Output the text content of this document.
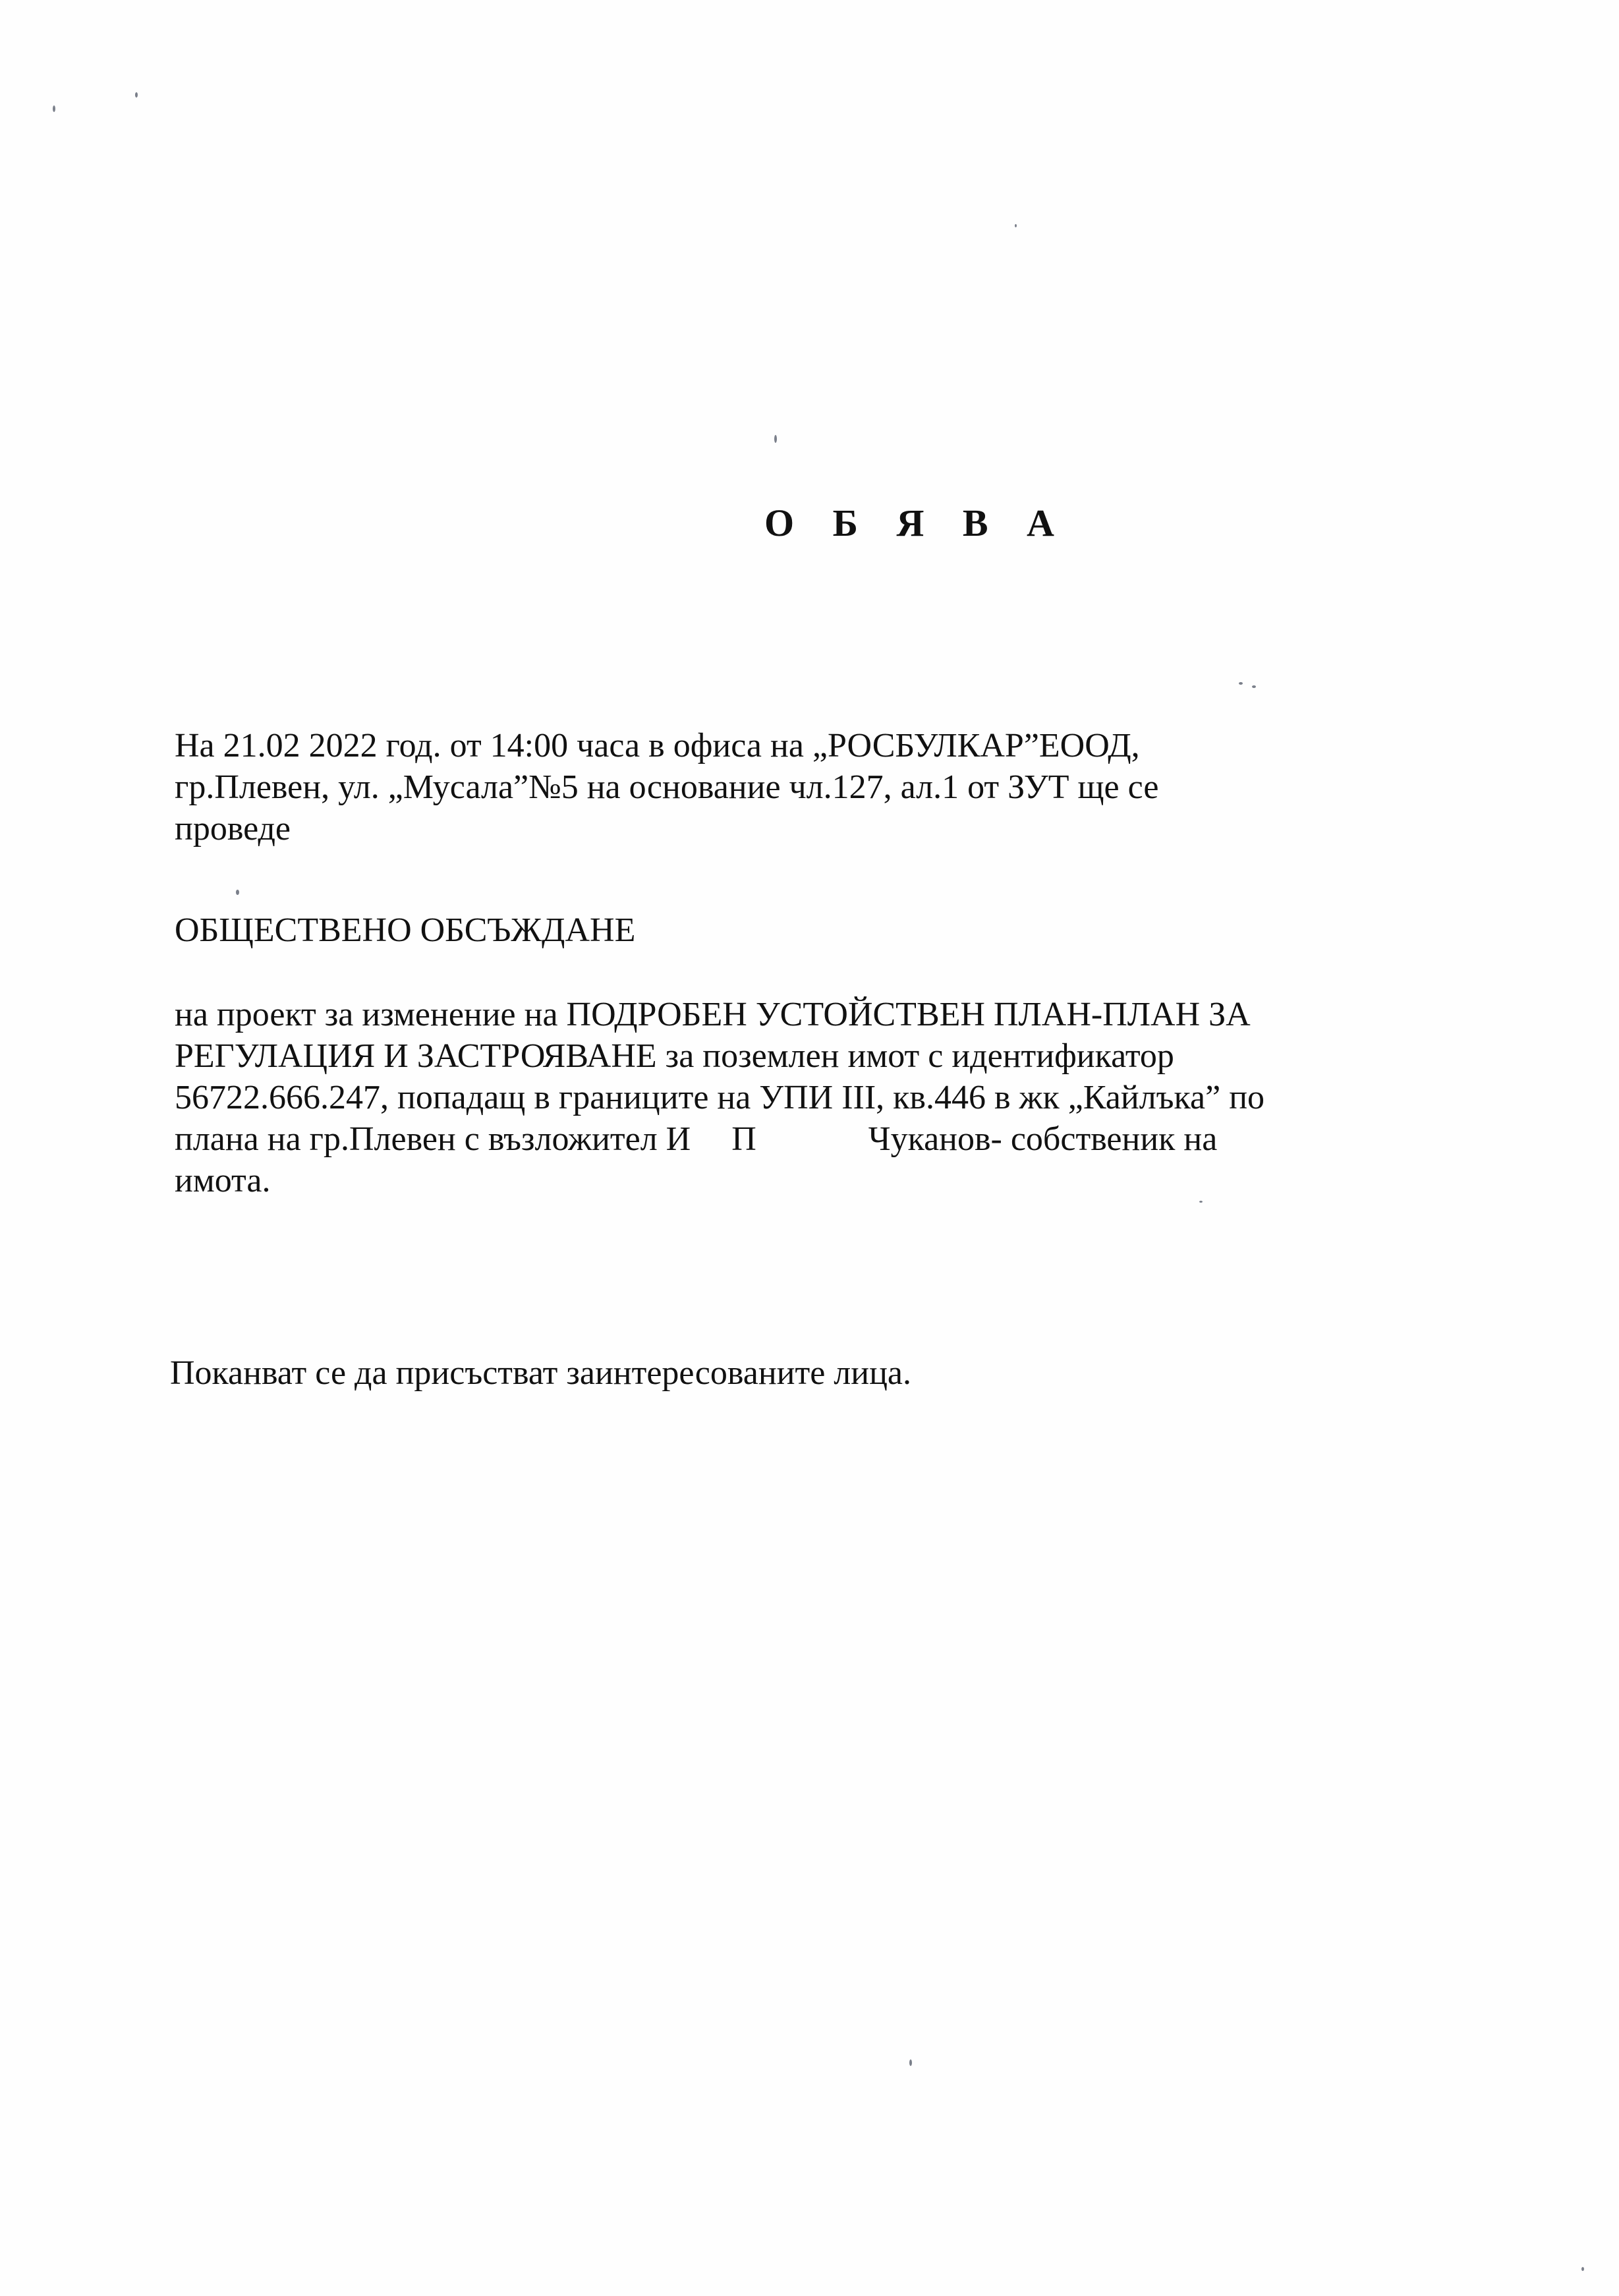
О Б Я В А

На 21.02 2022 год. от 14:00 часа в офиса на „РОСБУЛКАР”ЕООД,
гр.Плевен, ул. „Мусала”№5 на основание чл.127, ал.1 от ЗУТ ще се
проведе

ОБЩЕСТВЕНО ОБСЪЖДАНЕ

на проект за изменение на ПОДРОБЕН УСТОЙСТВЕН ПЛАН-ПЛАН ЗА
РЕГУЛАЦИЯ И ЗАСТРОЯВАНЕ за поземлен имот с идентификатор
56722.666.247, попадащ в границите на УПИ III, кв.446 в жк „Кайлъка” по
плана на гр.Плевен с възложител И П	Чуканов- собственик на
имота.

Поканват се да присъстват заинтересованите лица.
